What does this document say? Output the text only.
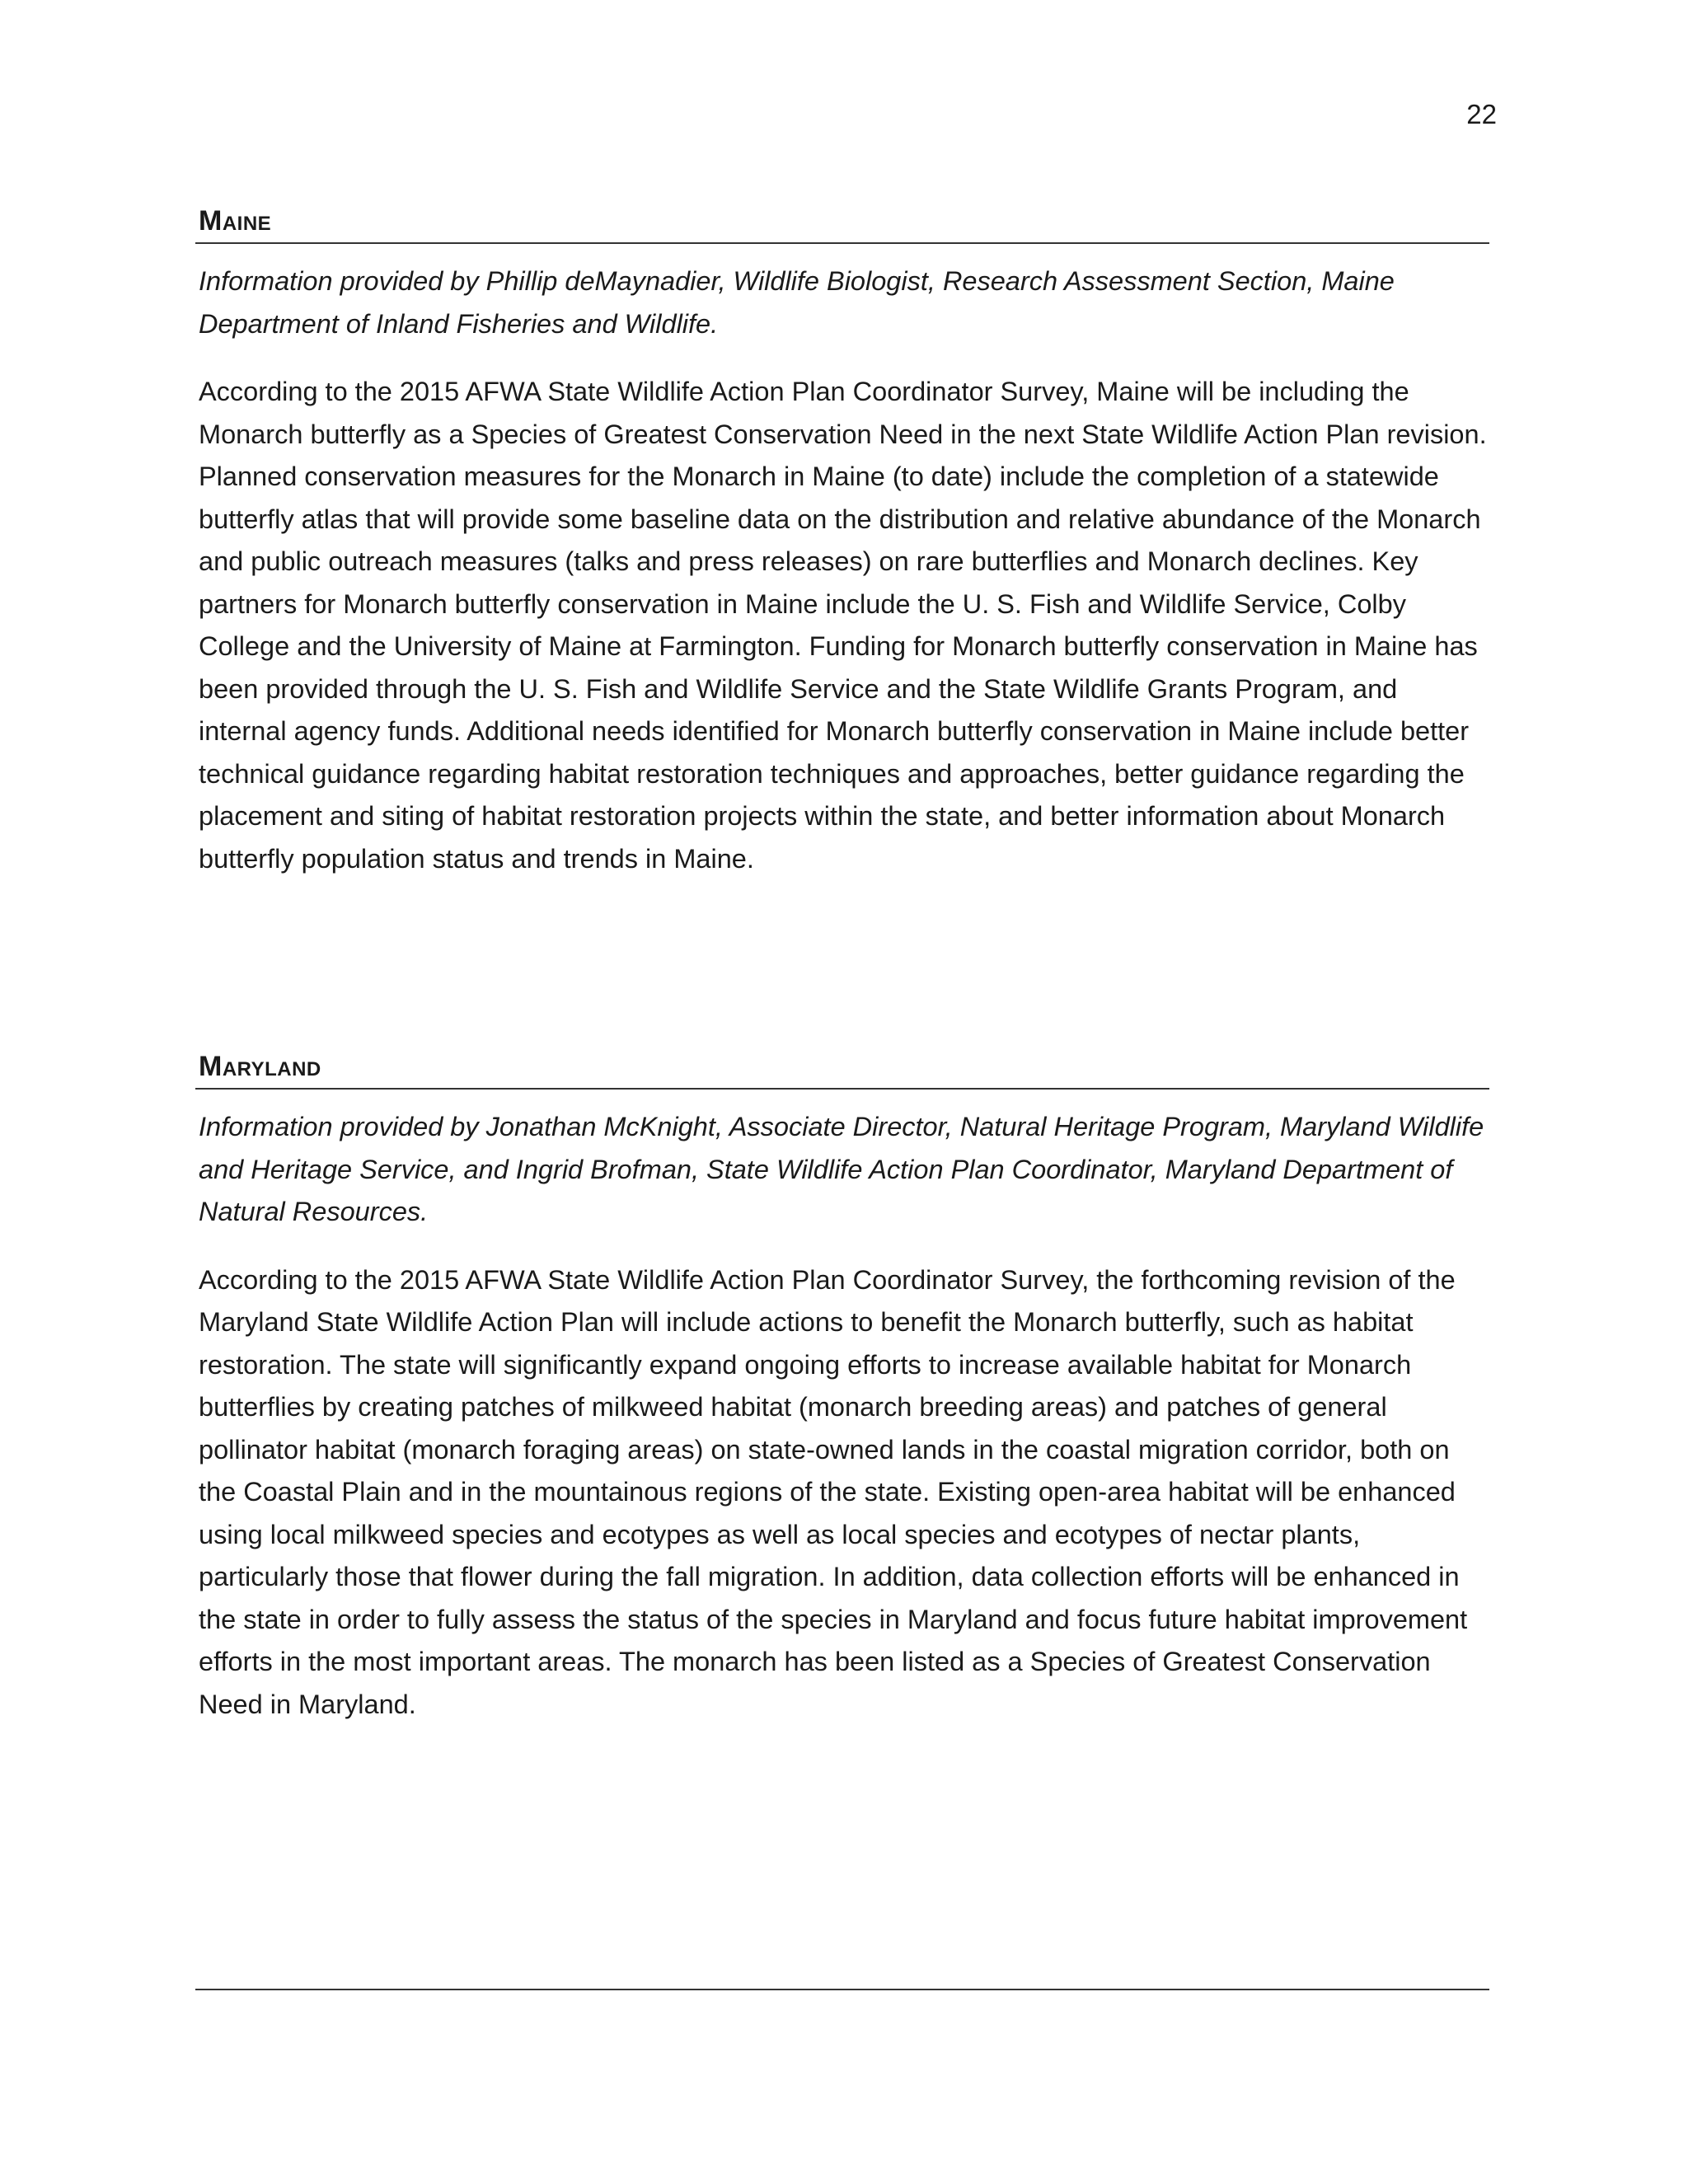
22
Maine

Information provided by Phillip deMaynadier, Wildlife Biologist, Research Assessment Section, Maine Department of Inland Fisheries and Wildlife.

According to the 2015 AFWA State Wildlife Action Plan Coordinator Survey, Maine will be including the Monarch butterfly as a Species of Greatest Conservation Need in the next State Wildlife Action Plan revision. Planned conservation measures for the Monarch in Maine (to date) include the completion of a statewide butterfly atlas that will provide some baseline data on the distribution and relative abundance of the Monarch and public outreach measures (talks and press releases) on rare butterflies and Monarch declines. Key partners for Monarch butterfly conservation in Maine include the U. S. Fish and Wildlife Service, Colby College and the University of Maine at Farmington. Funding for Monarch butterfly conservation in Maine has been provided through the U. S. Fish and Wildlife Service and the State Wildlife Grants Program, and internal agency funds. Additional needs identified for Monarch butterfly conservation in Maine include better technical guidance regarding habitat restoration techniques and approaches, better guidance regarding the placement and siting of habitat restoration projects within the state, and better information about Monarch butterfly population status and trends in Maine.

Maryland

Information provided by Jonathan McKnight, Associate Director, Natural Heritage Program, Maryland Wildlife and Heritage Service, and Ingrid Brofman, State Wildlife Action Plan Coordinator, Maryland Department of Natural Resources.

According to the 2015 AFWA State Wildlife Action Plan Coordinator Survey, the forthcoming revision of the Maryland State Wildlife Action Plan will include actions to benefit the Monarch butterfly, such as habitat restoration. The state will significantly expand ongoing efforts to increase available habitat for Monarch butterflies by creating patches of milkweed habitat (monarch breeding areas) and patches of general pollinator habitat (monarch foraging areas) on state-owned lands in the coastal migration corridor, both on the Coastal Plain and in the mountainous regions of the state. Existing open-area habitat will be enhanced using local milkweed species and ecotypes as well as local species and ecotypes of nectar plants, particularly those that flower during the fall migration. In addition, data collection efforts will be enhanced in the state in order to fully assess the status of the species in Maryland and focus future habitat improvement efforts in the most important areas. The monarch has been listed as a Species of Greatest Conservation Need in Maryland.
